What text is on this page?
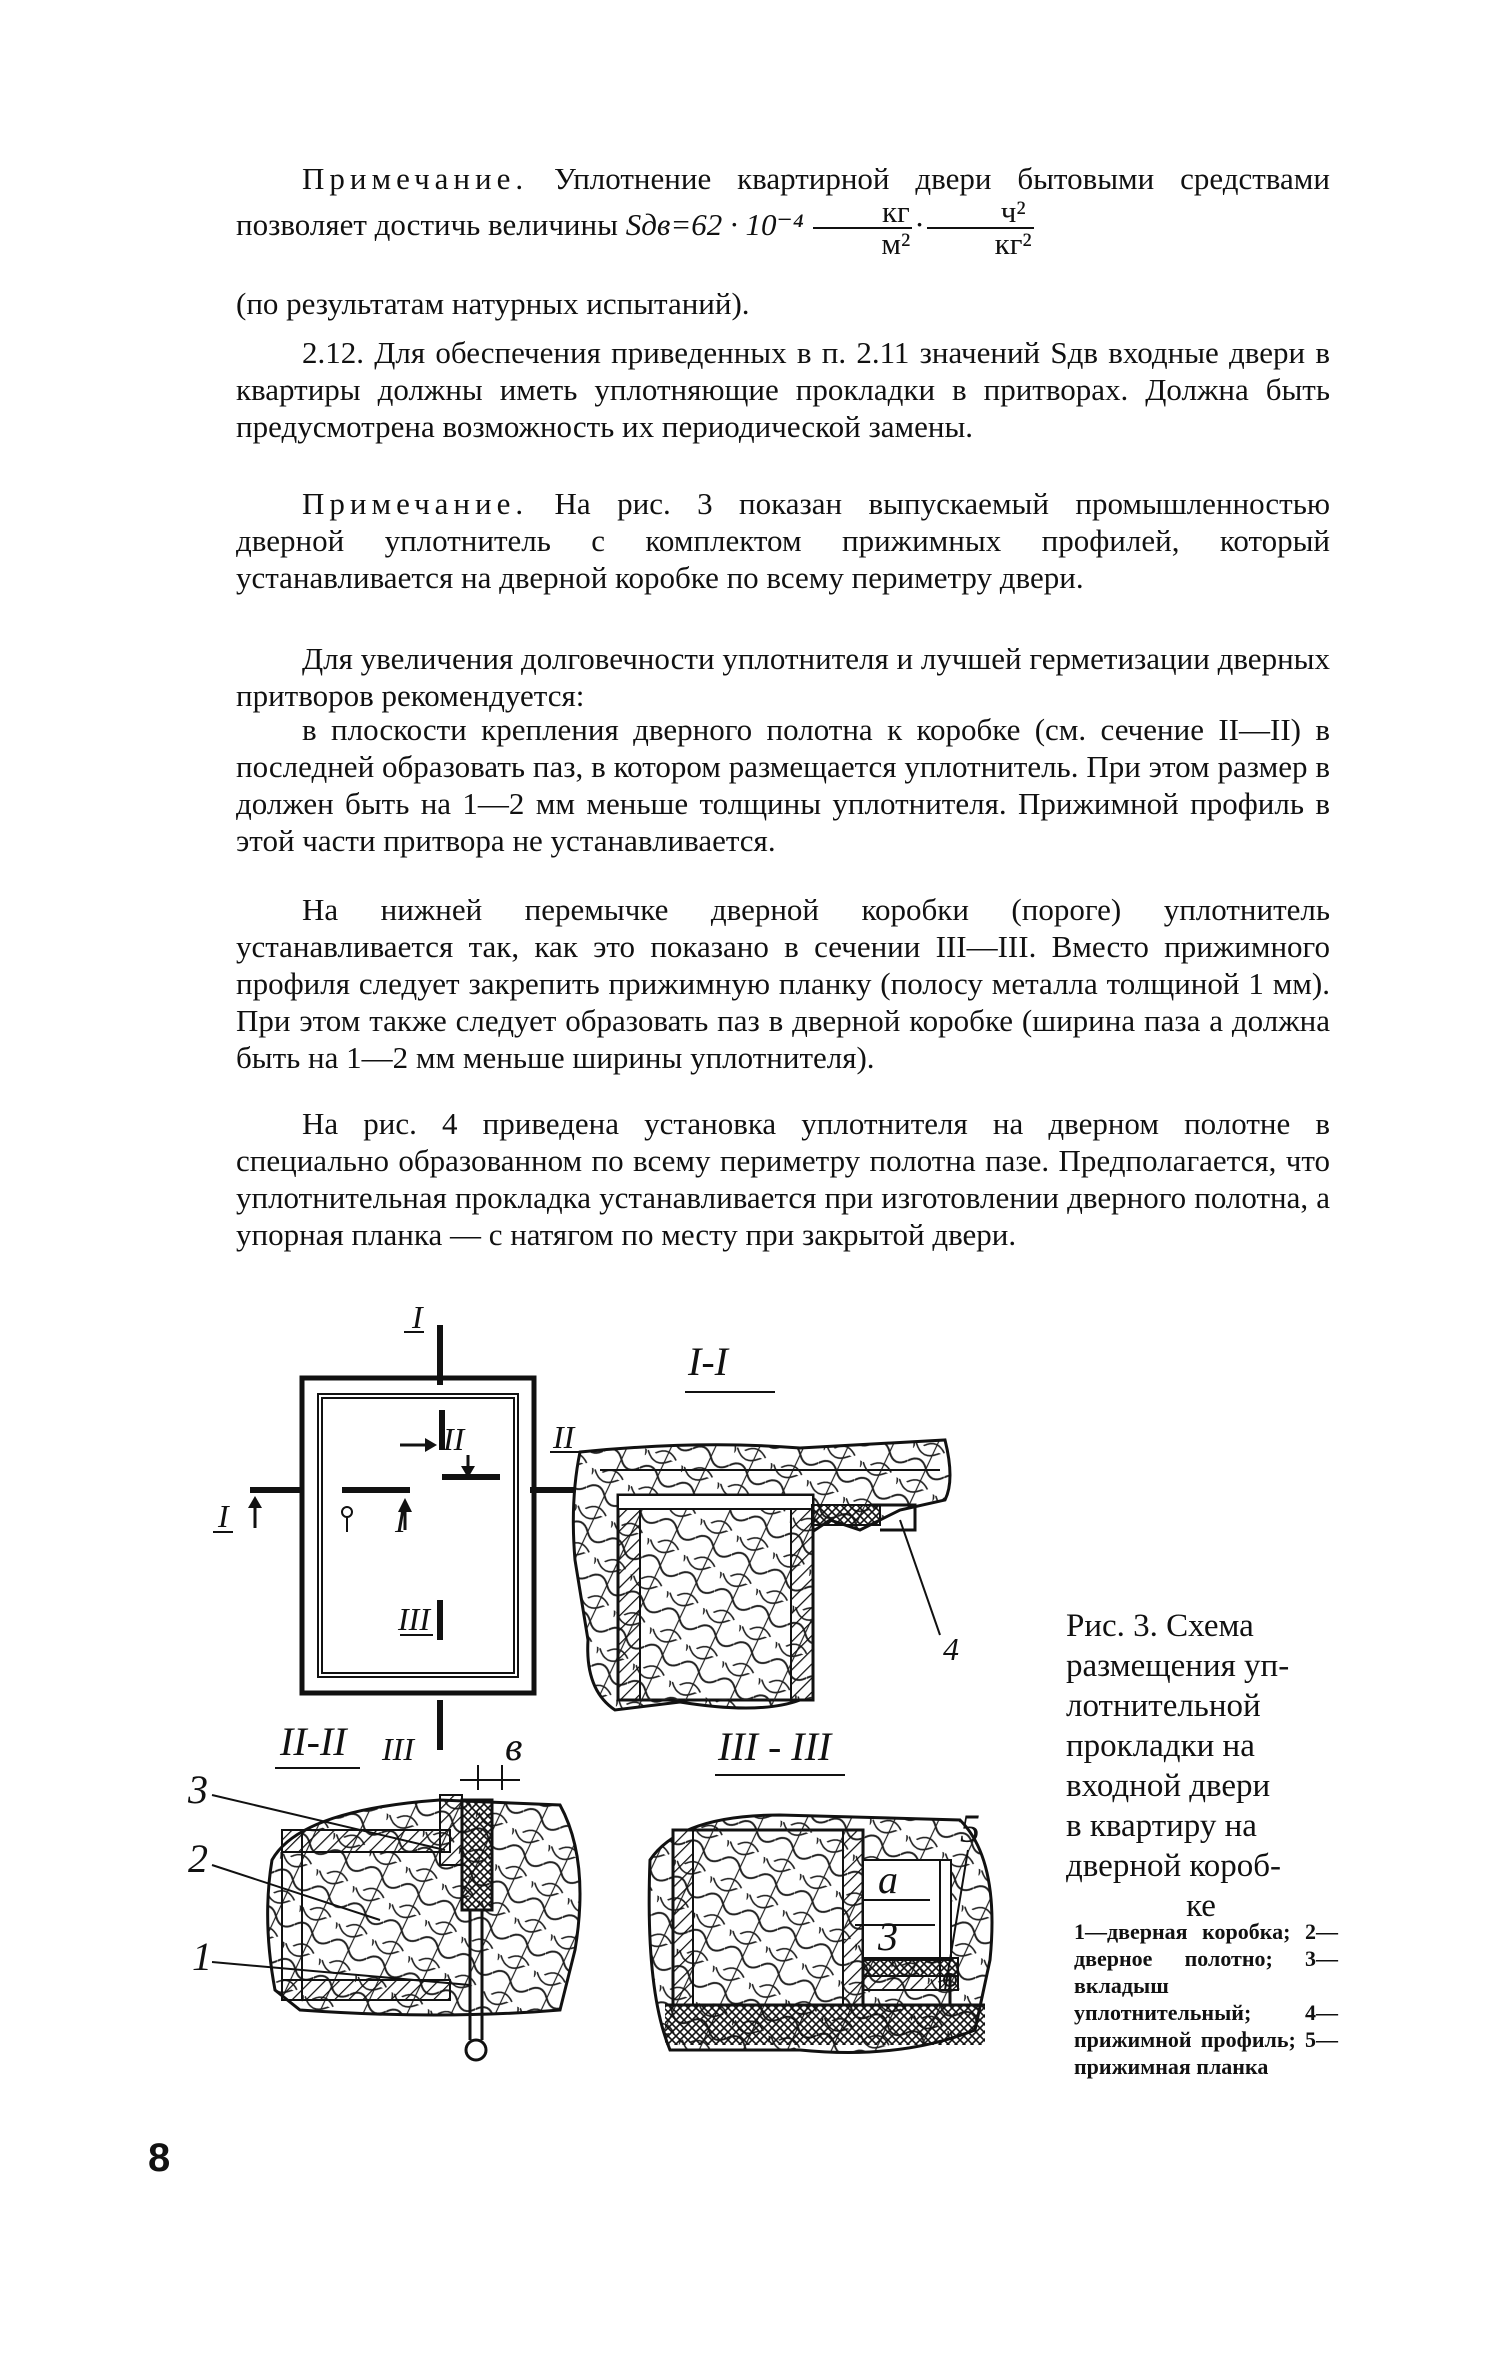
Примечание. Уплотнение квартирной двери бытовыми средствами позволяет достичь величины $Sдв=62 \cdot 10^{-4} \frac{кг}{\text{м²}} \cdot \frac{\text{ч²}}{\text{кг²}}$
(по результатам натурных испытаний).
2.12. Для обеспечения приведенных в п. 2.11 значений Sдв входные двери в квартиры должны иметь уплотняющие прокладки в притворах. Должна быть предусмотрена возможность их периодической замены.
Примечание. На рис. 3 показан выпускаемый промышленностью дверной уплотнитель с комплектом прижимных профилей, который устанавливается на дверной коробке по всему периметру двери.
Для увеличения долговечности уплотнителя и лучшей герметизации дверных притворов рекомендуется:
в плоскости крепления дверного полотна к коробке (см. сечение II—II) в последней образовать паз, в котором размещается уплотнитель. При этом размер в должен быть на 1—2 мм меньше толщины уплотнителя. Прижимной профиль в этой части притвора не устанавливается.
На нижней перемычке дверной коробки (пороге) уплотнитель устанавливается так, как это показано в сечении III—III. Вместо прижимного профиля следует закрепить прижимную планку (полосу металла толщиной 1 мм). При этом также следует образовать паз в дверной коробке (ширина паза а должна быть на 1—2 мм меньше ширины уплотнителя).
На рис. 4 приведена установка уплотнителя на дверном полотне в специально образованном по всему периметру полотна пазе. Предполагается, что уплотнительная прокладка устанавливается при изготовлении дверного полотна, а упорная планка — с натягом по месту при закрытой двери.
I
I	I
II	II
III
III
I-I
4
II-II	в
3
2
1
III - III
a
3
5
Рис. 3. Схема
размещения уп-
лотнительной
прокладки на
входной двери
в квартиру на
дверной короб-
ке
1—дверная коробка; 2—дверное полотно; 3—вкладыш уплотнительный; 4—прижимной профиль; 5—прижимная планка
8
